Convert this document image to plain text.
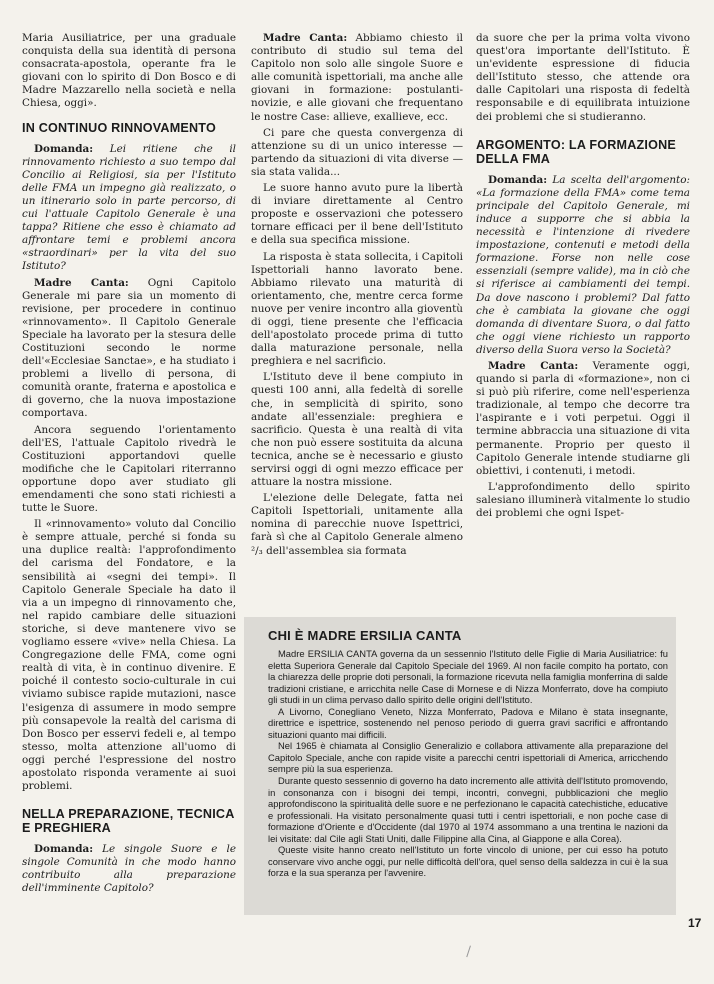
Maria Ausiliatrice, per una graduale conquista della sua identità di persona consacrata-apostola, operante fra le giovani con lo spirito di Don Bosco e di Madre Mazzarello nella società e nella Chiesa, oggi».

IN CONTINUO RINNOVAMENTO

Domanda: Lei ritiene che il rinnovamento richiesto a suo tempo dal Concilio ai Religiosi, sia per l'Istituto delle FMA un impegno già realizzato, o un itinerario solo in parte percorso, di cui l'attuale Capitolo Generale è una tappa? Ritiene che esso è chiamato ad affrontare temi e problemi ancora «straordinari» per la vita del suo Istituto?

Madre Canta: Ogni Capitolo Generale mi pare sia un momento di revisione, per procedere in continuo «rinnovamento». Il Capitolo Generale Speciale ha lavorato per la stesura delle Costituzioni secondo le norme dell'«Ecclesiae Sanctae», e ha studiato i problemi a livello di persona, di comunità orante, fraterna e apostolica e di governo, che la nuova impostazione comportava.

Ancora seguendo l'orientamento dell'ES, l'attuale Capitolo rivedrà le Costituzioni apportandovi quelle modifiche che le Capitolari riterranno opportune dopo aver studiato gli emendamenti che sono stati richiesti a tutte le Suore.

Il «rinnovamento» voluto dal Concilio è sempre attuale, perché si fonda su una duplice realtà: l'approfondimento del carisma del Fondatore, e la sensibilità ai «segni dei tempi». Il Capitolo Generale Speciale ha dato il via a un impegno di rinnovamento che, nel rapido cambiare delle situazioni storiche, si deve mantenere vivo se vogliamo essere «vive» nella Chiesa. La Congregazione delle FMA, come ogni realtà di vita, è in continuo divenire. E poiché il contesto socio-culturale in cui viviamo subisce rapide mutazioni, nasce l'esigenza di assumere in modo sempre più consapevole la realtà del carisma di Don Bosco per esservi fedeli e, al tempo stesso, molta attenzione all'uomo di oggi perché l'espressione del nostro apostolato risponda veramente ai suoi problemi.

NELLA PREPARAZIONE, TECNICA E PREGHIERA

Domanda: Le singole Suore e le singole Comunità in che modo hanno contribuito alla preparazione dell'imminente Capitolo?

Madre Canta: Abbiamo chiesto il contributo di studio sul tema del Capitolo non solo alle singole Suore e alle comunità ispettoriali, ma anche alle giovani in formazione: postulanti-novizie, e alle giovani che frequentano le nostre Case: allieve, exallieve, ecc.

Ci pare che questa convergenza di attenzione su di un unico interesse — partendo da situazioni di vita diverse — sia stata valida...

Le suore hanno avuto pure la libertà di inviare direttamente al Centro proposte e osservazioni che potessero tornare efficaci per il bene dell'Istituto e della sua specifica missione.

La risposta è stata sollecita, i Capitoli Ispettoriali hanno lavorato bene. Abbiamo rilevato una maturità di orientamento, che, mentre cerca forme nuove per venire incontro alla gioventù di oggi, tiene presente che l'efficacia dell'apostolato procede prima di tutto dalla maturazione personale, nella preghiera e nel sacrificio.

L'Istituto deve il bene compiuto in questi 100 anni, alla fedeltà di sorelle che, in semplicità di spirito, sono andate all'essenziale: preghiera e sacrificio. Questa è una realtà di vita che non può essere sostituita da alcuna tecnica, anche se è necessario e giusto servirsi oggi di ogni mezzo efficace per attuare la nostra missione.

L'elezione delle Delegate, fatta nei Capitoli Ispettoriali, unitamente alla nomina di parecchie nuove Ispettrici, farà sì che al Capitolo Generale almeno ²/₃ dell'assemblea sia formata

da suore che per la prima volta vivono quest'ora importante dell'Istituto. È un'evidente espressione di fiducia dell'Istituto stesso, che attende ora dalle Capitolari una risposta di fedeltà responsabile e di equilibrata intuizione dei problemi che si studieranno.

ARGOMENTO: LA FORMAZIONE DELLA FMA

Domanda: La scelta dell'argomento: «La formazione della FMA» come tema principale del Capitolo Generale, mi induce a supporre che si abbia la necessità e l'intenzione di rivedere impostazione, contenuti e metodi della formazione. Forse non nelle cose essenziali (sempre valide), ma in ciò che si riferisce ai cambiamenti dei tempi. Da dove nascono i problemi? Dal fatto che è cambiata la giovane che oggi domanda di diventare Suora, o dal fatto che oggi viene richiesto un rapporto diverso della Suora verso la Società?

Madre Canta: Veramente oggi, quando si parla di «formazione», non ci si può più riferire, come nell'esperienza tradizionale, al tempo che decorre tra l'aspirante e i voti perpetui. Oggi il termine abbraccia una situazione di vita permanente. Proprio per questo il Capitolo Generale intende studiarne gli obiettivi, i contenuti, i metodi.

L'approfondimento dello spirito salesiano illuminerà vitalmente lo studio dei problemi che ogni Ispet-

CHI È MADRE ERSILIA CANTA

Madre ERSILIA CANTA governa da un sessennio l'Istituto delle Figlie di Maria Ausiliatrice: fu eletta Superiora Generale dal Capitolo Speciale del 1969. Al non facile compito ha portato, con la chiarezza delle proprie doti personali, la formazione ricevuta nella famiglia monferrina di salde tradizioni cristiane, e arricchita nelle Case di Mornese e di Nizza Monferrato, dove ha compiuto gli studi in un clima pervaso dallo spirito delle origini dell'Istituto.

A Livorno, Conegliano Veneto, Nizza Monferrato, Padova e Milano è stata insegnante, direttrice e ispettrice, sostenendo nel penoso periodo di guerra gravi sacrifici e affrontando situazioni quanto mai difficili.

Nel 1965 è chiamata al Consiglio Generalizio e collabora attivamente alla preparazione del Capitolo Speciale, anche con rapide visite a parecchi centri ispettoriali di America, arricchendo sempre più la sua esperienza.

Durante questo sessennio di governo ha dato incremento alle attività dell'Istituto promovendo, in consonanza con i bisogni dei tempi, incontri, convegni, pubblicazioni che meglio approfondiscono la spiritualità delle suore e ne perfezionano le capacità catechistiche, educative e professionali. Ha visitato personalmente quasi tutti i centri ispettoriali, e non poche case di formazione d'Oriente e d'Occidente (dal 1970 al 1974 assommano a una trentina le nazioni da lei visitate: dal Cile agli Stati Uniti, dalle Filippine alla Cina, al Giappone e alla Corea).

Queste visite hanno creato nell'Istituto un forte vincolo di unione, per cui esso ha potuto conservare vivo anche oggi, pur nelle difficoltà dell'ora, quel senso della saldezza in cui è la sua forza e la sua speranza per l'avvenire.

17
